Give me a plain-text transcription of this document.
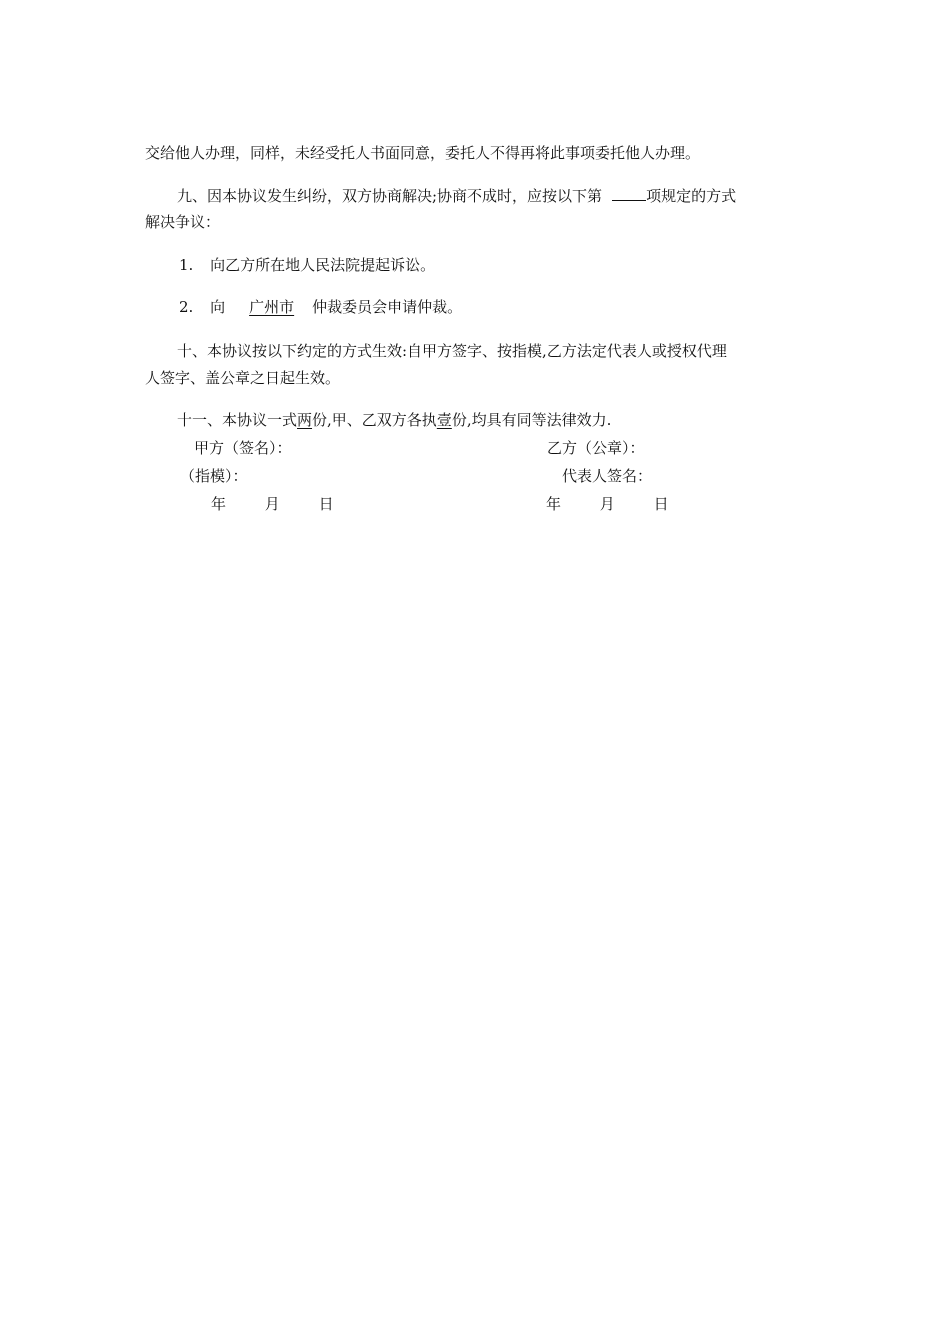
交给他人办理，同样，未经受托人书面同意，委托人不得再将此事项委托他人办理。
九、因本协议发生纠纷，双方协商解决;协商不成时，应按以下第	项规定的方式
解决争议：
1. 向乙方所在地人民法院提起诉讼。
2. 向 广州市 仲裁委员会申请仲裁。
十、本协议按以下约定的方式生效:自甲方签字、按指模,乙方法定代表人或授权代理
人签字、盖公章之日起生效。
十一、本协议一式两份,甲、乙双方各执壹份,均具有同等法律效力.
甲方（签名）：
（指模）：
年	月	日
乙方（公章）：
代表人签名：
年	月	日
